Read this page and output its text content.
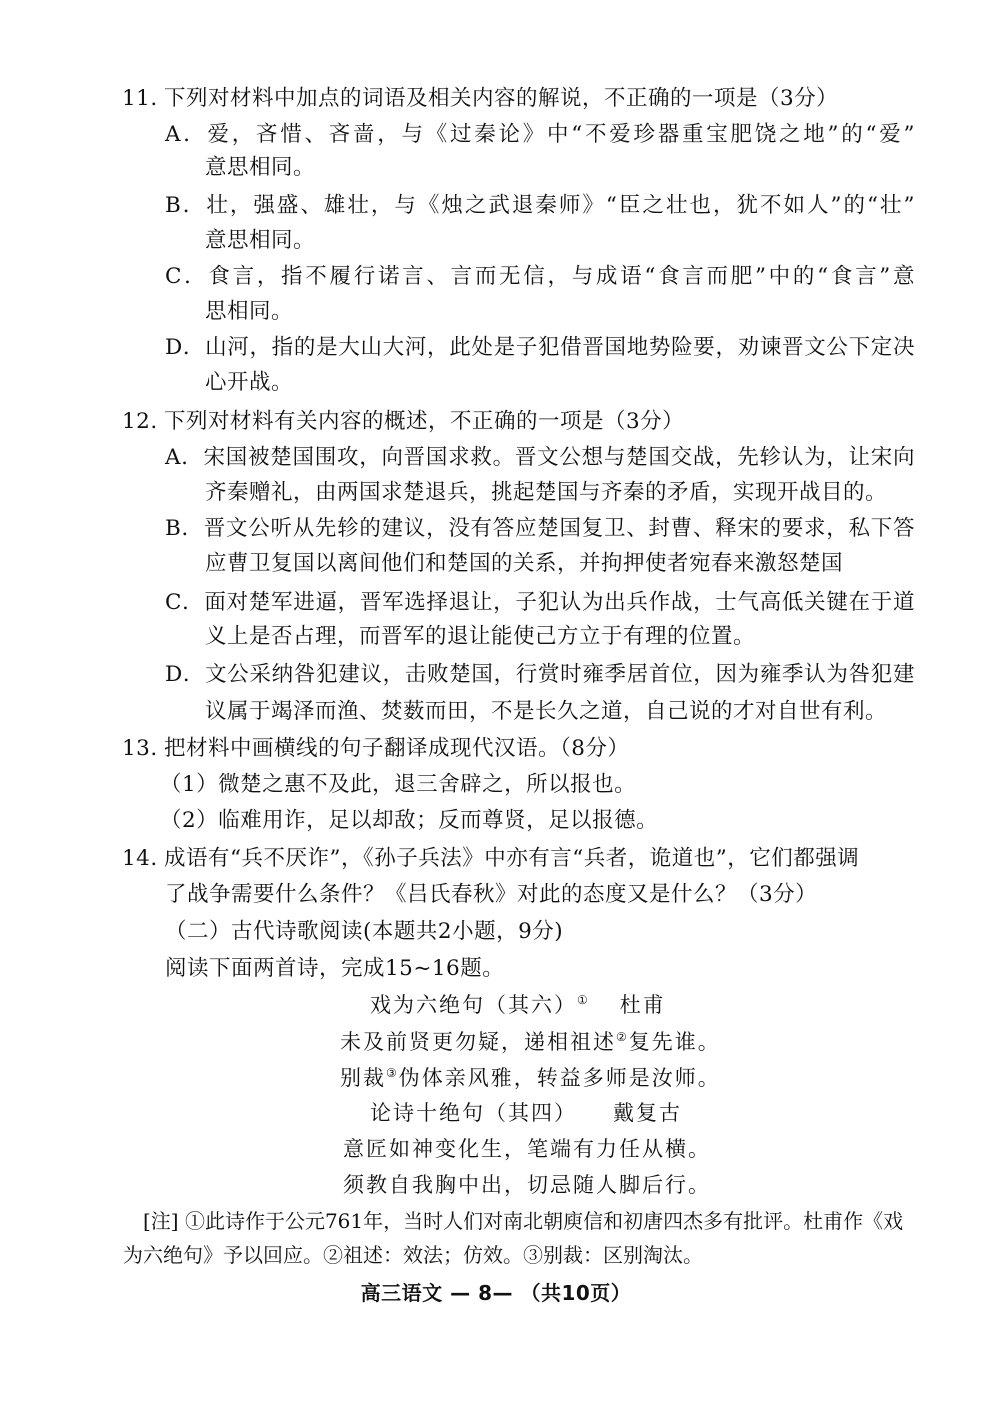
11. 下列对材料中加点的词语及相关内容的解说，不正确的一项是（3分）
A．爱，吝惜、吝啬，与《过秦论》中“不爱珍器重宝肥饶之地”的“爱”
意思相同。
B．壮，强盛、雄壮，与《烛之武退秦师》“臣之壮也，犹不如人”的“壮”
意思相同。
C．食言，指不履行诺言、言而无信，与成语“食言而肥”中的“食言”意
思相同。
D．山河，指的是大山大河，此处是子犯借晋国地势险要，劝谏晋文公下定决
心开战。
12. 下列对材料有关内容的概述，不正确的一项是（3分）
A．宋国被楚国围攻，向晋国求救。晋文公想与楚国交战，先轸认为，让宋向
齐秦赠礼，由两国求楚退兵，挑起楚国与齐秦的矛盾，实现开战目的。
B．晋文公听从先轸的建议，没有答应楚国复卫、封曹、释宋的要求，私下答
应曹卫复国以离间他们和楚国的关系，并拘押使者宛春来激怒楚国
C．面对楚军进逼，晋军选择退让，子犯认为出兵作战，士气高低关键在于道
义上是否占理，而晋军的退让能使己方立于有理的位置。
D．文公采纳咎犯建议，击败楚国，行赏时雍季居首位，因为雍季认为咎犯建
议属于竭泽而渔、焚薮而田，不是长久之道，自己说的才对自世有利。
13. 把材料中画横线的句子翻译成现代汉语。（8分）
（1）微楚之惠不及此，退三舍辟之，所以报也。
（2）临难用诈，足以却敌；反而尊贤，足以报德。
14. 成语有“兵不厌诈”，《孙子兵法》中亦有言“兵者，诡道也”，它们都强调
了战争需要什么条件？《吕氏春秋》对此的态度又是什么？（3分）
（二）古代诗歌阅读(本题共2小题，9分)
阅读下面两首诗，完成15~16题。
戏为六绝句（其六）① 杜甫
未及前贤更勿疑，递相祖述②复先谁。
别裁③伪体亲风雅，转益多师是汝师。
论诗十绝句（其四） 戴复古
意匠如神变化生，笔端有力任从横。
须教自我胸中出，切忌随人脚后行。
[注] ①此诗作于公元761年，当时人们对南北朝庾信和初唐四杰多有批评。杜甫作《戏
为六绝句》予以回应。②祖述：效法；仿效。③别裁：区别淘汰。
高三语文 — 8— （共10页）
